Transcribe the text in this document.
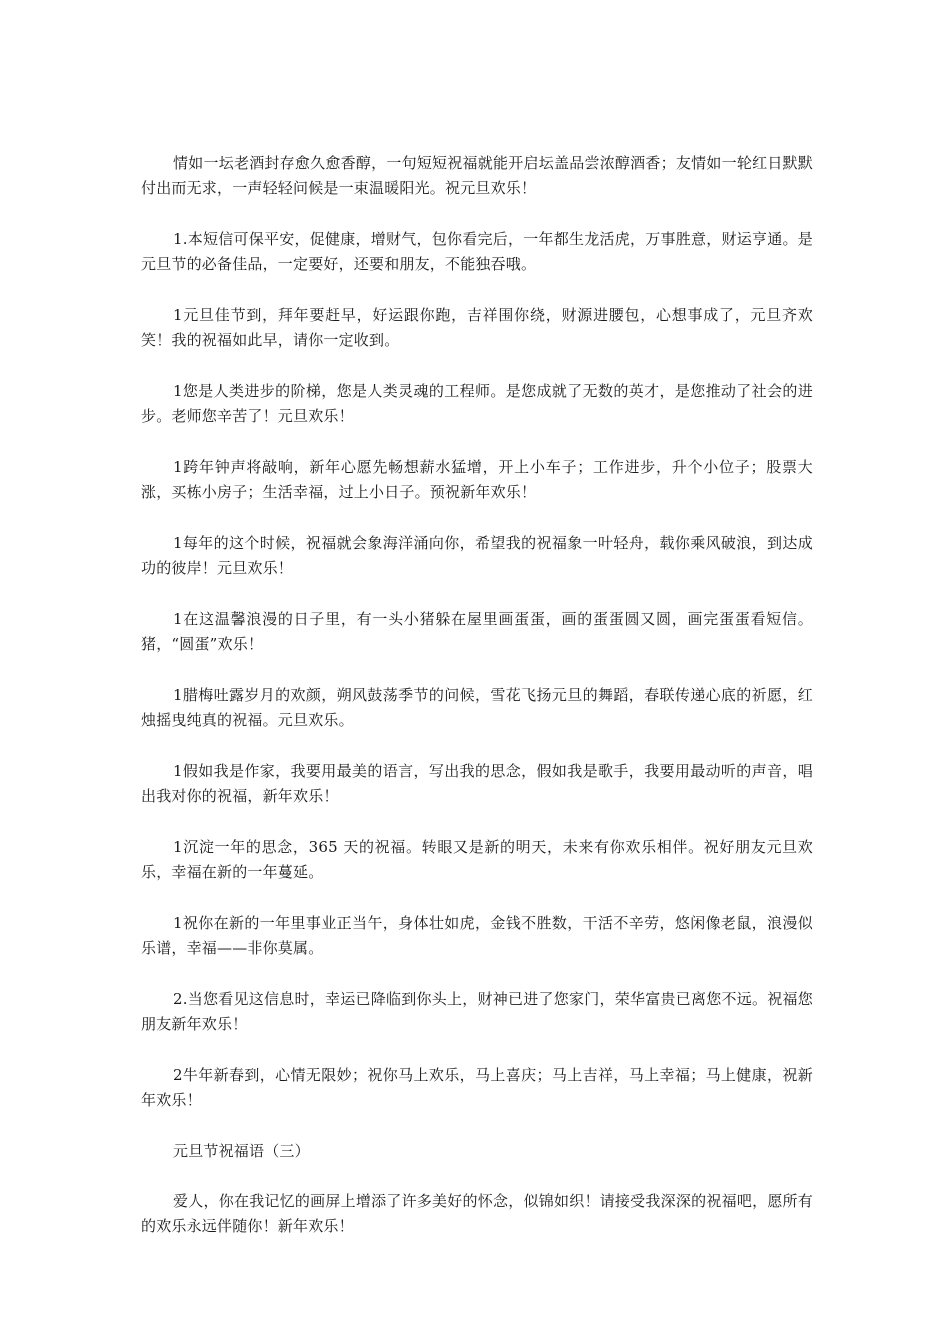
情如一坛老酒封存愈久愈香醇，一句短短祝福就能开启坛盖品尝浓醇酒香；友情如一轮红日默默付出而无求，一声轻轻问候是一束温暖阳光。祝元旦欢乐！

1.本短信可保平安，促健康，增财气，包你看完后，一年都生龙活虎，万事胜意，财运亨通。是元旦节的必备佳品，一定要好，还要和朋友，不能独吞哦。

1元旦佳节到，拜年要赶早，好运跟你跑，吉祥围你绕，财源进腰包，心想事成了，元旦齐欢笑！我的祝福如此早，请你一定收到。

1您是人类进步的阶梯，您是人类灵魂的工程师。是您成就了无数的英才，是您推动了社会的进步。老师您辛苦了！元旦欢乐！

1跨年钟声将敲响，新年心愿先畅想薪水猛增，开上小车子；工作进步，升个小位子；股票大涨，买栋小房子；生活幸福，过上小日子。预祝新年欢乐！

1每年的这个时候，祝福就会象海洋涌向你，希望我的祝福象一叶轻舟，载你乘风破浪，到达成功的彼岸！元旦欢乐！

1在这温馨浪漫的日子里，有一头小猪躲在屋里画蛋蛋，画的蛋蛋圆又圆，画完蛋蛋看短信。猪，“圆蛋”欢乐！

1腊梅吐露岁月的欢颜，朔风鼓荡季节的问候，雪花飞扬元旦的舞蹈，春联传递心底的祈愿，红烛摇曳纯真的祝福。元旦欢乐。

1假如我是作家，我要用最美的语言，写出我的思念，假如我是歌手，我要用最动听的声音，唱出我对你的祝福，新年欢乐！

1沉淀一年的思念，365 天的祝福。转眼又是新的明天，未来有你欢乐相伴。祝好朋友元旦欢乐，幸福在新的一年蔓延。

1祝你在新的一年里事业正当午，身体壮如虎，金钱不胜数，干活不辛劳，悠闲像老鼠，浪漫似乐谱，幸福——非你莫属。

2.当您看见这信息时，幸运已降临到你头上，财神已进了您家门，荣华富贵已离您不远。祝福您朋友新年欢乐！

2牛年新春到，心情无限妙；祝你马上欢乐，马上喜庆；马上吉祥，马上幸福；马上健康，祝新年欢乐！

元旦节祝福语（三）

爱人，你在我记忆的画屏上增添了许多美好的怀念，似锦如织！请接受我深深的祝福吧，愿所有的欢乐永远伴随你！新年欢乐！
